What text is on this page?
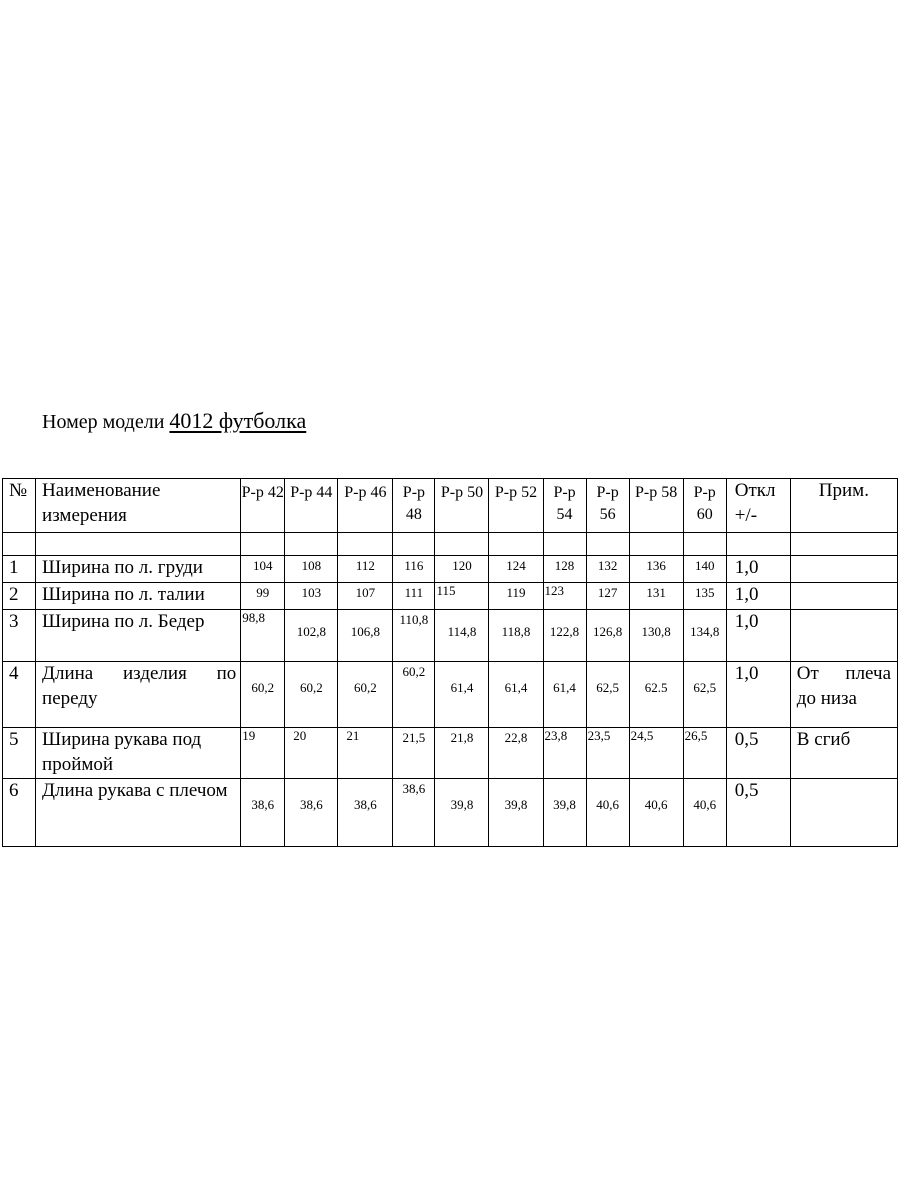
Номер модели 4012 футболка
№	Наименование измерения	Р-р 42	Р-р 44	Р-р 46	Р-р 48	Р-р 50	Р-р 52	Р-р 54	Р-р 56	Р-р 58	Р-р 60	Откл +/-	Прим.

1	Ширина по л. груди	104	108	112	116	120	124	128	132	136	140	1,0	
2	Ширина по л. талии	99	103	107	111	115	119	123	127	131	135	1,0	
3	Ширина по л. Бедер	98,8	102,8	106,8	110,8	114,8	118,8	122,8	126,8	130,8	134,8	1,0	
4	Длина изделия по переду	60,2	60,2	60,2	60,2	61,4	61,4	61,4	62,5	62.5	62,5	1,0	От плеча до низа
5	Ширина рукава под проймой	19	20	21	21,5	21,8	22,8	23,8	23,5	24,5	26,5	0,5	В сгиб
6	Длина рукава с плечом	38,6	38,6	38,6	38,6	39,8	39,8	39,8	40,6	40,6	40,6	0,5	
